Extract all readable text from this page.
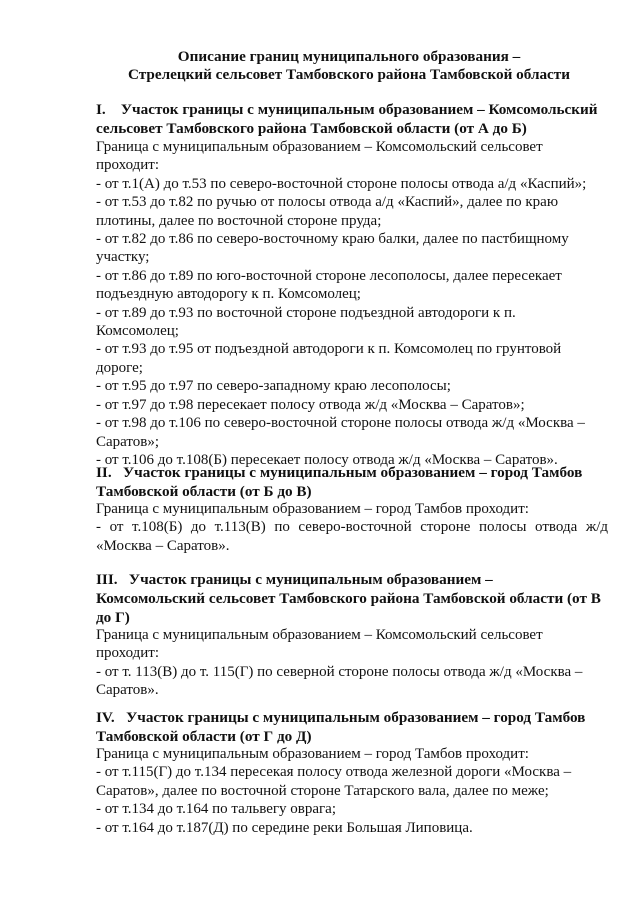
Описание границ муниципального образования –
Стрелецкий сельсовет Тамбовского района Тамбовской области
I.    Участок границы с муниципальным образованием – Комсомольский
сельсовет Тамбовского района Тамбовской области (от А до Б)
Граница с муниципальным образованием – Комсомольский сельсовет
проходит:
- от т.1(А) до т.53 по северо-восточной стороне полосы отвода а/д «Каспий»;
- от т.53 до т.82 по ручью от полосы отвода а/д «Каспий», далее по краю
плотины, далее по восточной стороне пруда;
- от т.82 до т.86 по северо-восточному краю балки, далее по пастбищному
участку;
- от т.86 до т.89 по юго-восточной стороне лесополосы, далее пересекает
подъездную автодорогу к п. Комсомолец;
- от т.89 до т.93 по восточной стороне подъездной автодороги к п.
Комсомолец;
- от т.93 до т.95 от подъездной автодороги к п. Комсомолец по грунтовой
дороге;
- от т.95 до т.97 по северо-западному краю лесополосы;
- от т.97 до т.98 пересекает полосу отвода ж/д «Москва – Саратов»;
- от т.98 до т.106 по северо-восточной стороне полосы отвода ж/д «Москва –
Саратов»;
- от т.106 до т.108(Б) пересекает полосу отвода ж/д «Москва – Саратов».
II.   Участок границы с муниципальным образованием – город Тамбов
Тамбовской области (от Б до В)
Граница с муниципальным образованием – город Тамбов проходит:
- от т.108(Б) до т.113(В) по северо-восточной стороне полосы отвода ж/д
«Москва – Саратов».
III.   Участок границы с муниципальным образованием –
Комсомольский сельсовет Тамбовского района Тамбовской области (от В
до Г)
Граница с муниципальным образованием – Комсомольский сельсовет
проходит:
- от т. 113(В) до т. 115(Г) по северной стороне полосы отвода ж/д «Москва –
Саратов».
IV.   Участок границы с муниципальным образованием – город Тамбов
Тамбовской области (от Г до Д)
Граница с муниципальным образованием – город Тамбов проходит:
- от т.115(Г) до т.134 пересекая полосу отвода железной дороги «Москва –
Саратов», далее по восточной стороне Татарского вала, далее по меже;
- от т.134 до т.164 по тальвегу оврага;
- от т.164 до т.187(Д) по середине реки Большая Липовица.
